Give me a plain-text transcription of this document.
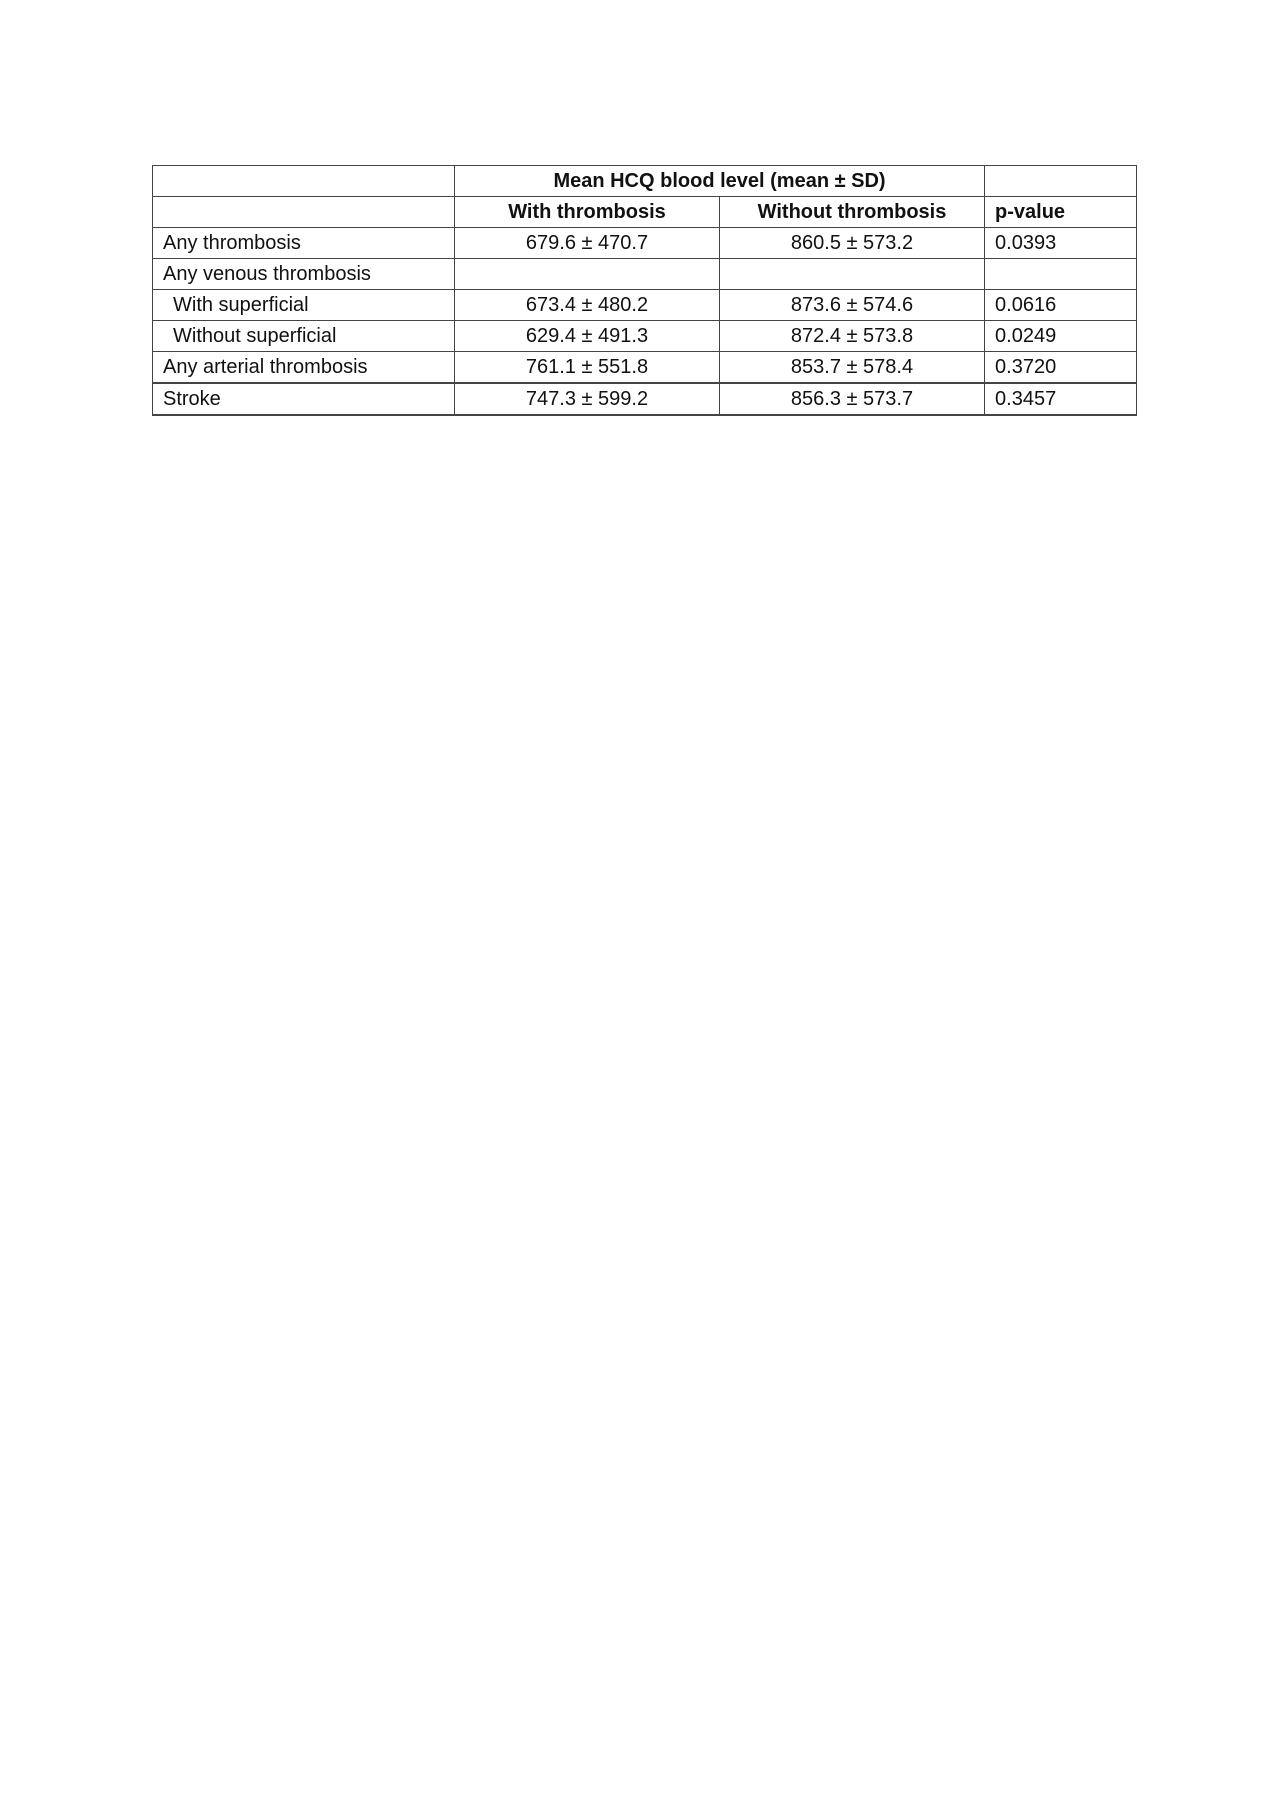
	Mean HCQ blood level (mean ± SD)		
	With thrombosis	Without thrombosis	p-value
Any thrombosis	679.6 ± 470.7	860.5 ± 573.2	0.0393
Any venous thrombosis			
With superficial	673.4 ± 480.2	873.6 ± 574.6	0.0616
Without superficial	629.4 ± 491.3	872.4 ± 573.8	0.0249
Any arterial thrombosis	761.1 ± 551.8	853.7 ± 578.4	0.3720
Stroke	747.3 ± 599.2	856.3 ± 573.7	0.3457
